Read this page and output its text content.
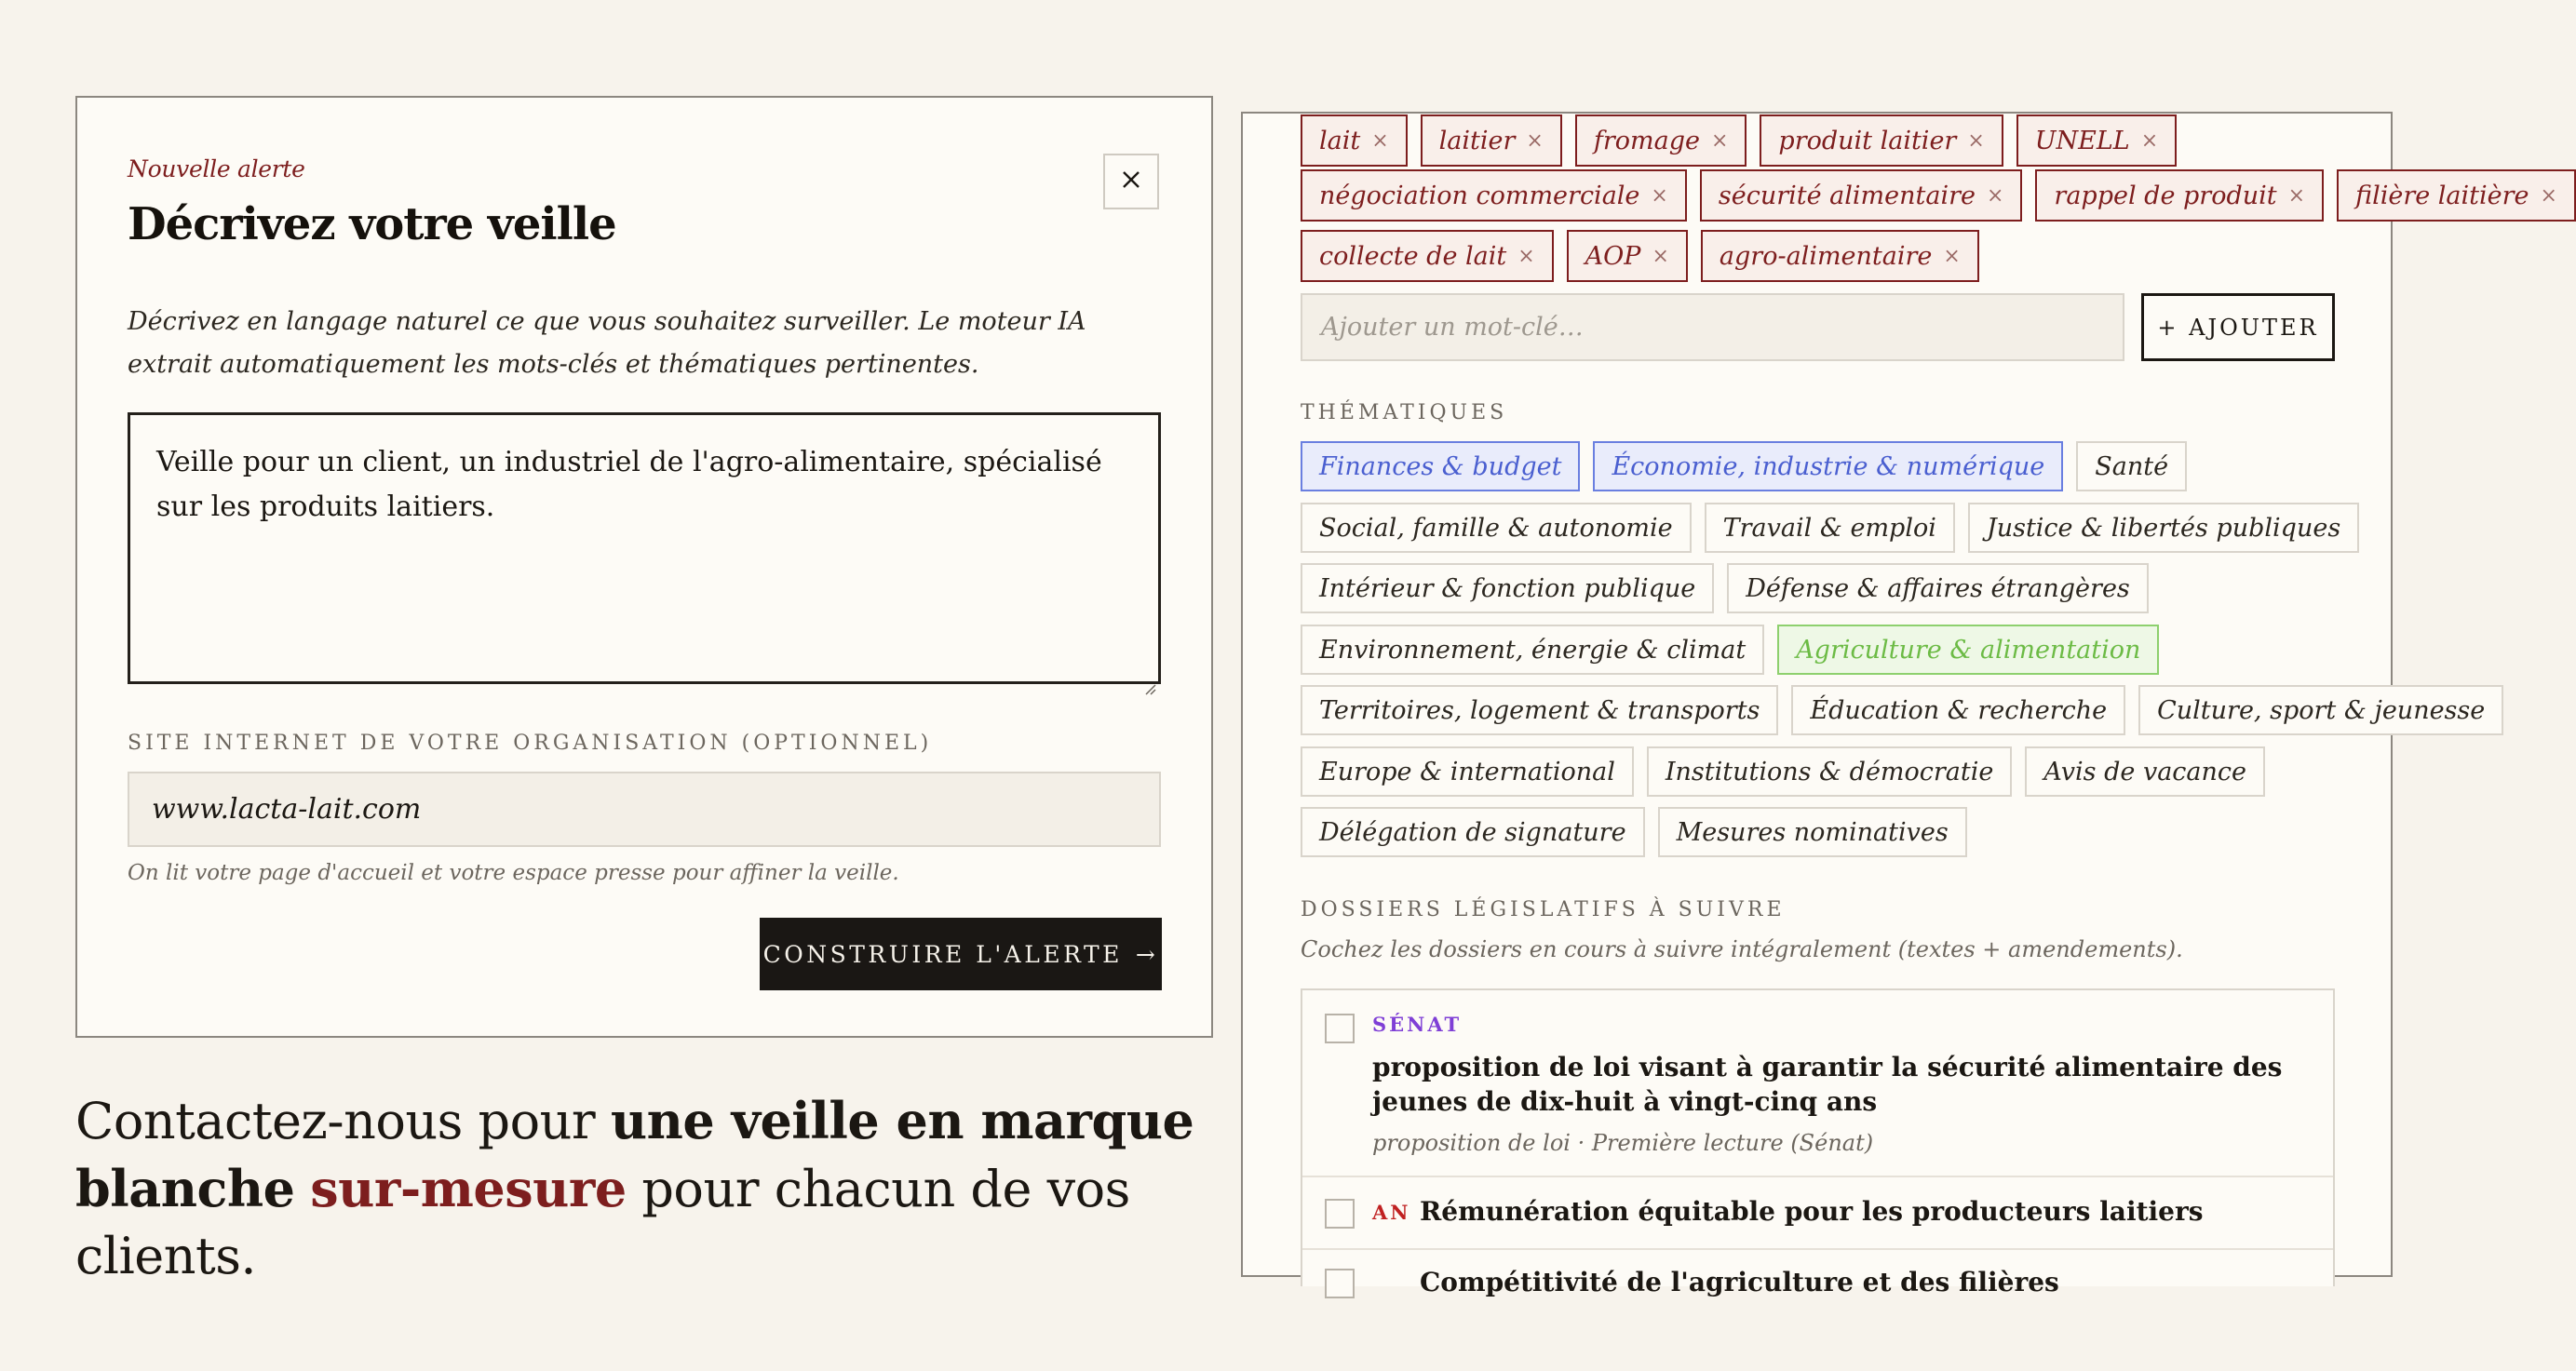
Nouvelle alerte
Décrivez votre veille
Décrivez en langage naturel ce que vous souhaitez surveiller. Le moteur IA extrait automatiquement les mots-clés et thématiques pertinentes.
Veille pour un client, un industriel de l'agro-alimentaire, spécialisé sur les produits laitiers.
SITE INTERNET DE VOTRE ORGANISATION (OPTIONNEL)
www.lacta-lait.com
On lit votre page d'accueil et votre espace presse pour affiner la veille.
CONSTRUIRE L'ALERTE →
Contactez-nous pour une veille en marque blanche sur-mesure pour chacun de vos clients.
lait × laitier × fromage × produit laitier × UNELL ×
négociation commerciale × sécurité alimentaire × rappel de produit × filière laitière ×
collecte de lait × AOP × agro-alimentaire ×
Ajouter un mot-clé…	+ AJOUTER
THÉMATIQUES
Finances & budget	Économie, industrie & numérique	Santé
Social, famille & autonomie	Travail & emploi	Justice & libertés publiques
Intérieur & fonction publique	Défense & affaires étrangères
Environnement, énergie & climat	Agriculture & alimentation
Territoires, logement & transports	Éducation & recherche	Culture, sport & jeunesse
Europe & international	Institutions & démocratie	Avis de vacance
Délégation de signature	Mesures nominatives
DOSSIERS LÉGISLATIFS À SUIVRE
Cochez les dossiers en cours à suivre intégralement (textes + amendements).
SÉNAT
proposition de loi visant à garantir la sécurité alimentaire des jeunes de dix-huit à vingt-cinq ans
proposition de loi · Première lecture (Sénat)
AN Rémunération équitable pour les producteurs laitiers
Compétitivité de l'agriculture et des filières
